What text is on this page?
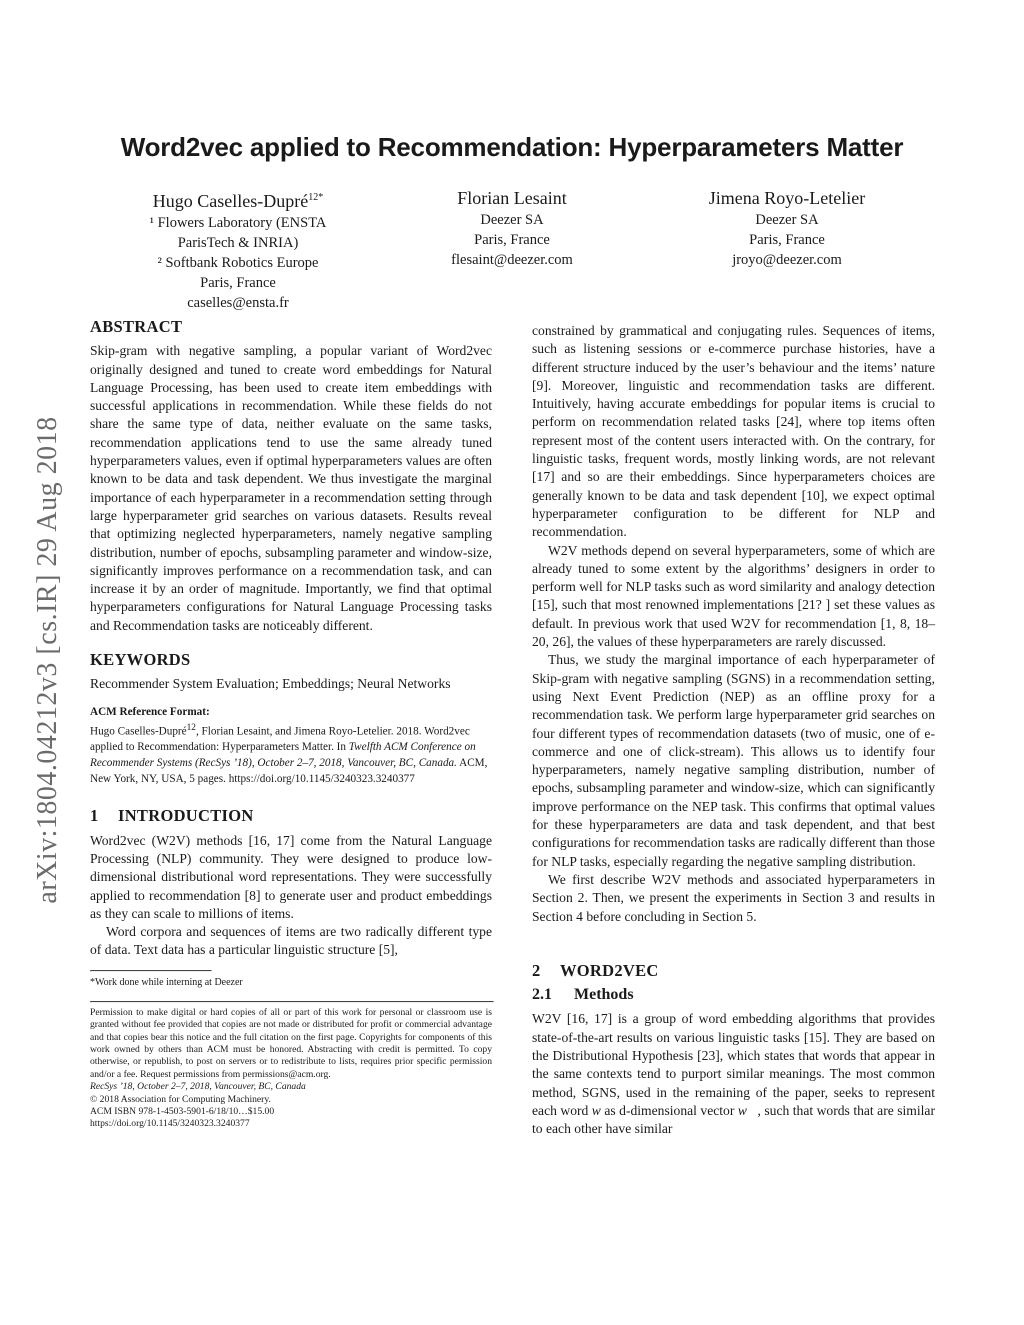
arXiv:1804.04212v3 [cs.IR] 29 Aug 2018
Word2vec applied to Recommendation: Hyperparameters Matter
Hugo Caselles-Dupré$^{12*}$
¹ Flowers Laboratory (ENSTA
ParisTech & INRIA)
² Softbank Robotics Europe
Paris, France
caselles@ensta.fr
Florian Lesaint
Deezer SA
Paris, France
flesaint@deezer.com
Jimena Royo-Letelier
Deezer SA
Paris, France
jroyo@deezer.com
ABSTRACT

Skip-gram with negative sampling, a popular variant of Word2vec originally designed and tuned to create word embeddings for Natural Language Processing, has been used to create item embeddings with successful applications in recommendation. While these fields do not share the same type of data, neither evaluate on the same tasks, recommendation applications tend to use the same already tuned hyperparameters values, even if optimal hyperparameters values are often known to be data and task dependent. We thus investigate the marginal importance of each hyperparameter in a recommendation setting through large hyperparameter grid searches on various datasets. Results reveal that optimizing neglected hyperparameters, namely negative sampling distribution, number of epochs, subsampling parameter and window-size, significantly improves performance on a recommendation task, and can increase it by an order of magnitude. Importantly, we find that optimal hyperparameters configurations for Natural Language Processing tasks and Recommendation tasks are noticeably different.

KEYWORDS

Recommender System Evaluation; Embeddings; Neural Networks

ACM Reference Format:
Hugo Caselles-Dupré$^{12}$, Florian Lesaint, and Jimena Royo-Letelier. 2018. Word2vec applied to Recommendation: Hyperparameters Matter. In Twelfth ACM Conference on Recommender Systems (RecSys ’18), October 2–7, 2018, Vancouver, BC, Canada. ACM, New York, NY, USA, 5 pages. https://doi.org/10.1145/3240323.3240377
1 INTRODUCTION

Word2vec (W2V) methods [16, 17] come from the Natural Language Processing (NLP) community. They were designed to produce low-dimensional distributional word representations. They were successfully applied to recommendation [8] to generate user and product embeddings as they can scale to millions of items.

Word corpora and sequences of items are two radically different type of data. Text data has a particular linguistic structure [5],

*Work done while interning at Deezer
Permission to make digital or hard copies of all or part of this work for personal or classroom use is granted without fee provided that copies are not made or distributed for profit or commercial advantage and that copies bear this notice and the full citation on the first page. Copyrights for components of this work owned by others than ACM must be honored. Abstracting with credit is permitted. To copy otherwise, or republish, to post on servers or to redistribute to lists, requires prior specific permission and/or a fee. Request permissions from permissions@acm.org.
RecSys ’18, October 2–7, 2018, Vancouver, BC, Canada
© 2018 Association for Computing Machinery.
ACM ISBN 978-1-4503-5901-6/18/10…$15.00
https://doi.org/10.1145/3240323.3240377

constrained by grammatical and conjugating rules. Sequences of items, such as listening sessions or e-commerce purchase histories, have a different structure induced by the user’s behaviour and the items’ nature [9]. Moreover, linguistic and recommendation tasks are different. Intuitively, having accurate embeddings for popular items is crucial to perform on recommendation related tasks [24], where top items often represent most of the content users interacted with. On the contrary, for linguistic tasks, frequent words, mostly linking words, are not relevant [17] and so are their embeddings. Since hyperparameters choices are generally known to be data and task dependent [10], we expect optimal hyperparameter configuration to be different for NLP and recommendation.

W2V methods depend on several hyperparameters, some of which are already tuned to some extent by the algorithms’ designers in order to perform well for NLP tasks such as word similarity and analogy detection [15], such that most renowned implementations [21? ] set these values as default. In previous work that used W2V for recommendation [1, 8, 18–20, 26], the values of these hyperparameters are rarely discussed.

Thus, we study the marginal importance of each hyperparameter of Skip-gram with negative sampling (SGNS) in a recommendation setting, using Next Event Prediction (NEP) as an offline proxy for a recommendation task. We perform large hyperparameter grid searches on four different types of recommendation datasets (two of music, one of e-commerce and one of click-stream). This allows us to identify four hyperparameters, namely negative sampling distribution, number of epochs, subsampling parameter and window-size, which can significantly improve performance on the NEP task. This confirms that optimal values for these hyperparameters are data and task dependent, and that best configurations for recommendation tasks are radically different than those for NLP tasks, especially regarding the negative sampling distribution.

We first describe W2V methods and associated hyperparameters in Section 2. Then, we present the experiments in Section 3 and results in Section 4 before concluding in Section 5.

2 WORD2VEC
2.1 Methods

W2V [16, 17] is a group of word embedding algorithms that provides state-of-the-art results on various linguistic tasks [15]. They are based on the Distributional Hypothesis [23], which states that words that appear in the same contexts tend to purport similar meanings. The most common method, SGNS, used in the remaining of the paper, seeks to represent each word w as d-dimensional vector w⃗, such that words that are similar to each other have similar
